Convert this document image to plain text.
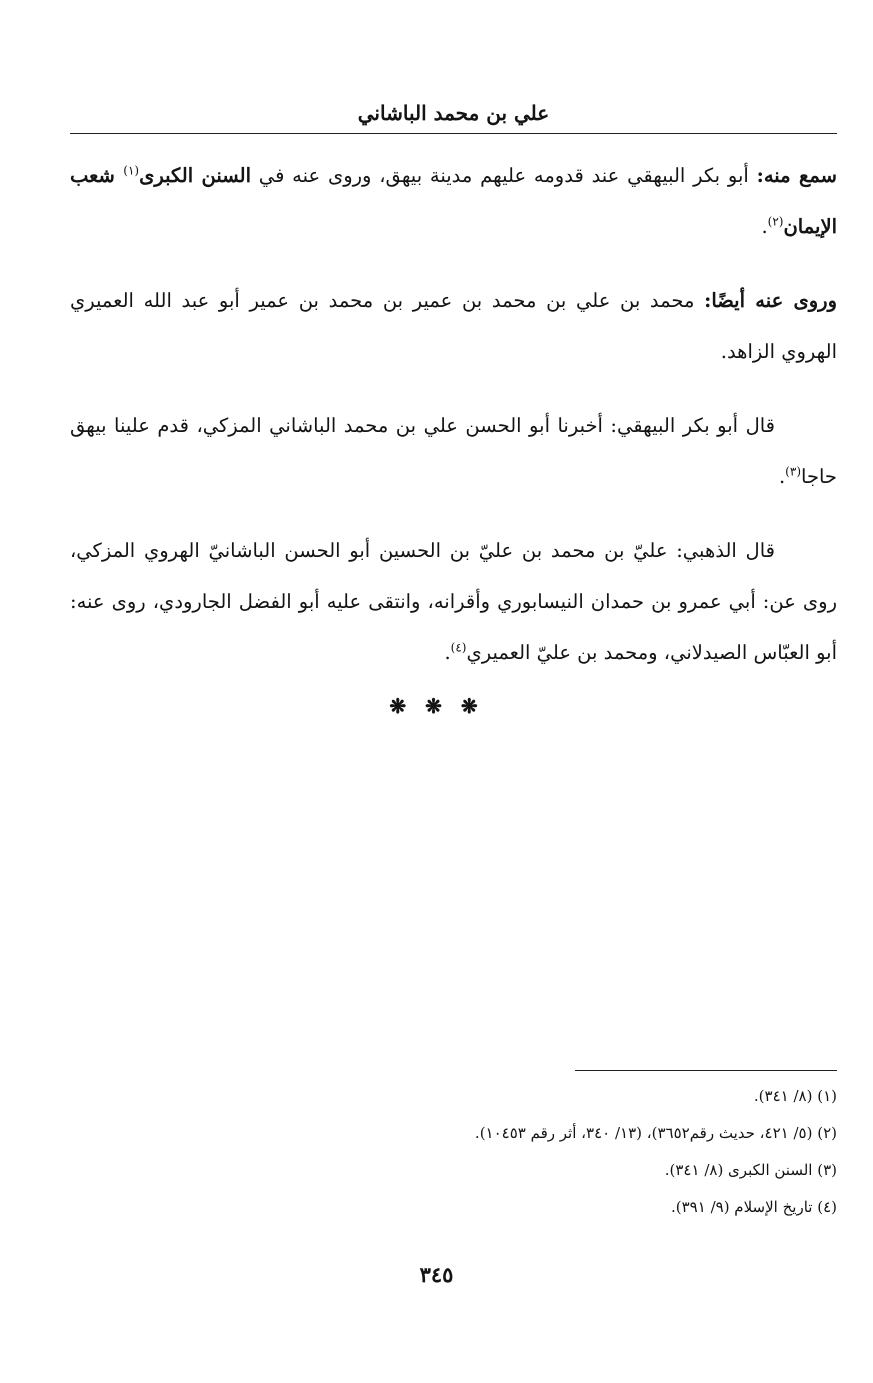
علي بن محمد الباشاني

سمع منه: أبو بكر البيهقي عند قدومه عليهم مدينة بيهق، وروى عنه في السنن الكبرى$^{(١)}$ شعب الإيمان$^{(٢)}$.

وروى عنه أيضًا: محمد بن علي بن محمد بن عمير بن محمد بن عمير أبو عبد الله العميري الهروي الزاهد.

قال أبو بكر البيهقي: أخبرنا أبو الحسن علي بن محمد الباشاني المزكي، قدم علينا بيهق حاجا$^{(٣)}$.

قال الذهبي: عليّ بن محمد بن عليّ بن الحسين أبو الحسن الباشانيّ الهروي المزكي، روى عن: أبي عمرو بن حمدان النيسابوري وأقرانه، وانتقى عليه أبو الفضل الجارودي، روى عنه: أبو العبّاس الصيدلاني، ومحمد بن عليّ العميري$^{(٤)}$.

❋ ❋ ❋

(١) (٨/ ٣٤١).

(٢) (٥/ ٤٢١، حديث رقم٣٦٥٢)، (١٣/ ٣٤٠، أثر رقم ١٠٤٥٣).

(٣) السنن الكبرى (٨/ ٣٤١).

(٤) تاريخ الإسلام (٩/ ٣٩١).

٣٤٥
